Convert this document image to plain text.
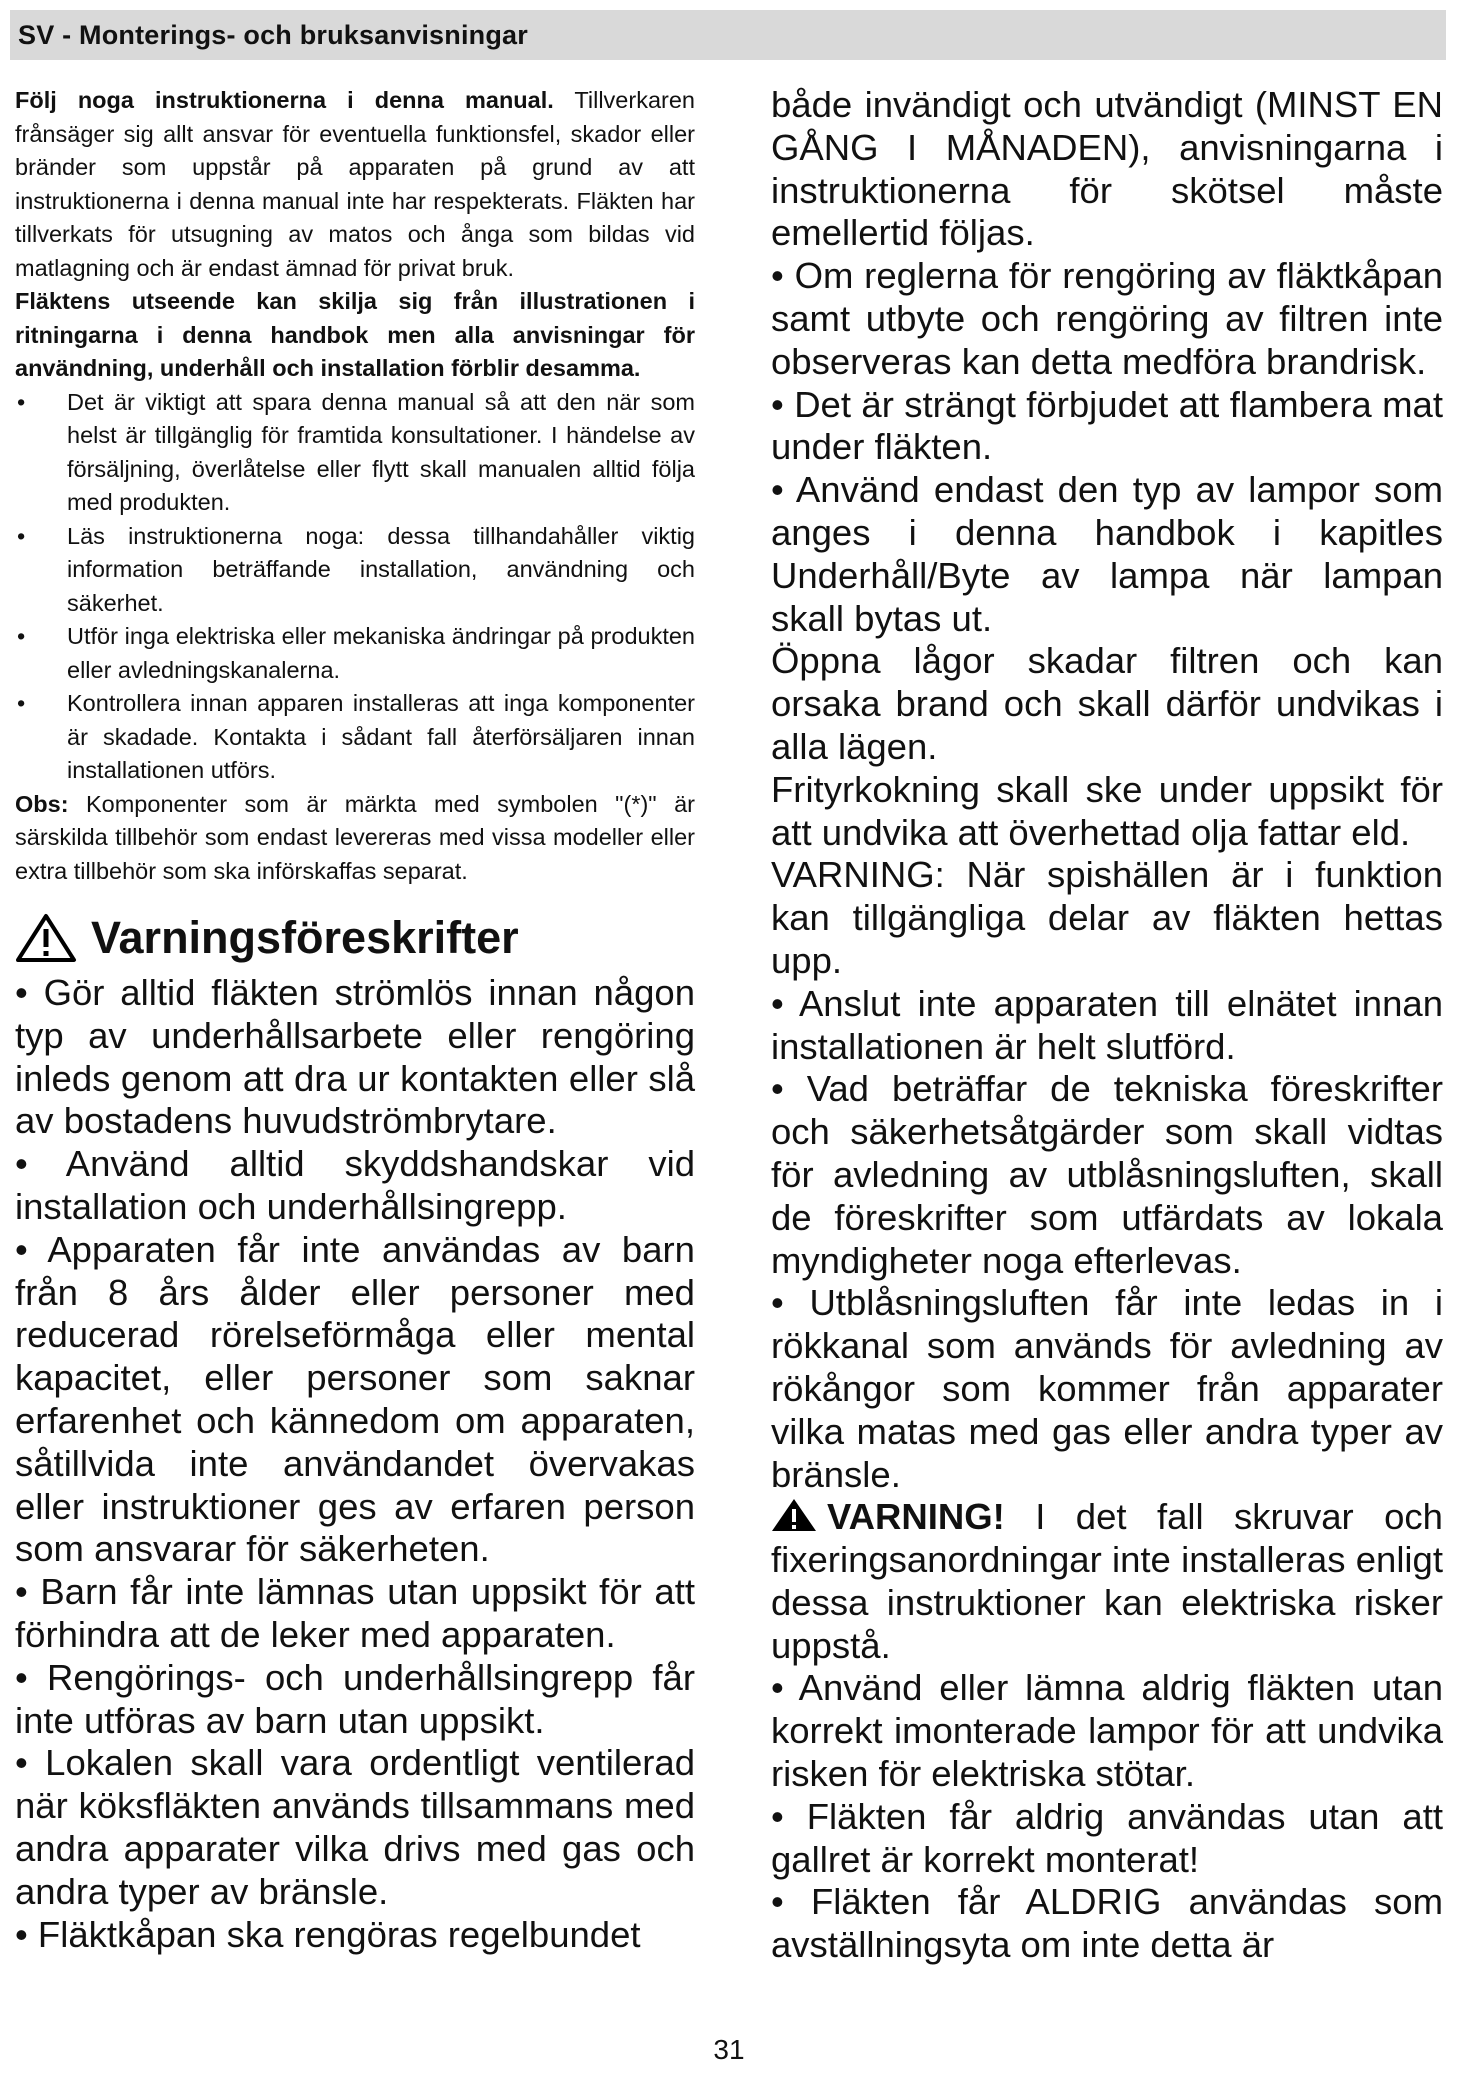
SV - Monterings- och bruksanvisningar

Följ noga instruktionerna i denna manual. Tillverkaren frånsäger sig allt ansvar för eventuella funktionsfel, skador eller bränder som uppstår på apparaten på grund av att instruktionerna i denna manual inte har respekterats. Fläkten har tillverkats för utsugning av matos och ånga som bildas vid matlagning och är endast ämnad för privat bruk.

Fläktens utseende kan skilja sig från illustrationen i ritningarna i denna handbok men alla anvisningar för användning, underhåll och installation förblir desamma.

Det är viktigt att spara denna manual så att den när som helst är tillgänglig för framtida konsultationer. I händelse av försäljning, överlåtelse eller flytt skall manualen alltid följa med produkten.

Läs instruktionerna noga: dessa tillhandahåller viktig information beträffande installation, användning och säkerhet.

Utför inga elektriska eller mekaniska ändringar på produkten eller avledningskanalerna.

Kontrollera innan apparen installeras att inga komponenter är skadade. Kontakta i sådant fall återförsäljaren innan installationen utförs.

Obs: Komponenter som är märkta med symbolen "(*)" är särskilda tillbehör som endast levereras med vissa modeller eller extra tillbehör som ska införskaffas separat.

Varningsföreskrifter

• Gör alltid fläkten strömlös innan någon typ av underhållsarbete eller rengöring inleds genom att dra ur kontakten eller slå av bostadens huvudströmbrytare.

• Använd alltid skyddshandskar vid installation och underhållsingrepp.

• Apparaten får inte användas av barn från 8 års ålder eller personer med reducerad rörelseförmåga eller mental kapacitet, eller personer som saknar erfarenhet och kännedom om apparaten, såtillvida inte användandet övervakas eller instruktioner ges av erfaren person som ansvarar för säkerheten.

• Barn får inte lämnas utan uppsikt för att förhindra att de leker med apparaten.

• Rengörings- och underhållsingrepp får inte utföras av barn utan uppsikt.

• Lokalen skall vara ordentligt ventilerad när köksfläkten används tillsammans med andra apparater vilka drivs med gas och andra typer av bränsle.

• Fläktkåpan ska rengöras regelbundet

både invändigt och utvändigt (MINST EN GÅNG I MÅNADEN), anvisningarna i instruktionerna för skötsel måste emellertid följas.

• Om reglerna för rengöring av fläktkåpan samt utbyte och rengöring av filtren inte observeras kan detta medföra brandrisk.

• Det är strängt förbjudet att flambera mat under fläkten.

• Använd endast den typ av lampor som anges i denna handbok i kapitles Underhåll/Byte av lampa när lampan skall bytas ut.

Öppna lågor skadar filtren och kan orsaka brand och skall därför undvikas i alla lägen.

Frityrkokning skall ske under uppsikt för att undvika att överhettad olja fattar eld.

VARNING: När spishällen är i funktion kan tillgängliga delar av fläkten hettas upp.

• Anslut inte apparaten till elnätet innan installationen är helt slutförd.

• Vad beträffar de tekniska föreskrifter och säkerhetsåtgärder som skall vidtas för avledning av utblåsningsluften, skall de föreskrifter som utfärdats av lokala myndigheter noga efterlevas.

• Utblåsningsluften får inte ledas in i rökkanal som används för avledning av rökångor som kommer från apparater vilka matas med gas eller andra typer av bränsle.

VARNING! I det fall skruvar och fixeringsanordningar inte installeras enligt dessa instruktioner kan elektriska risker uppstå.

• Använd eller lämna aldrig fläkten utan korrekt imonterade lampor för att undvika risken för elektriska stötar.

• Fläkten får aldrig användas utan att gallret är korrekt monterat!

• Fläkten får ALDRIG användas som avställningsyta om inte detta är

31
